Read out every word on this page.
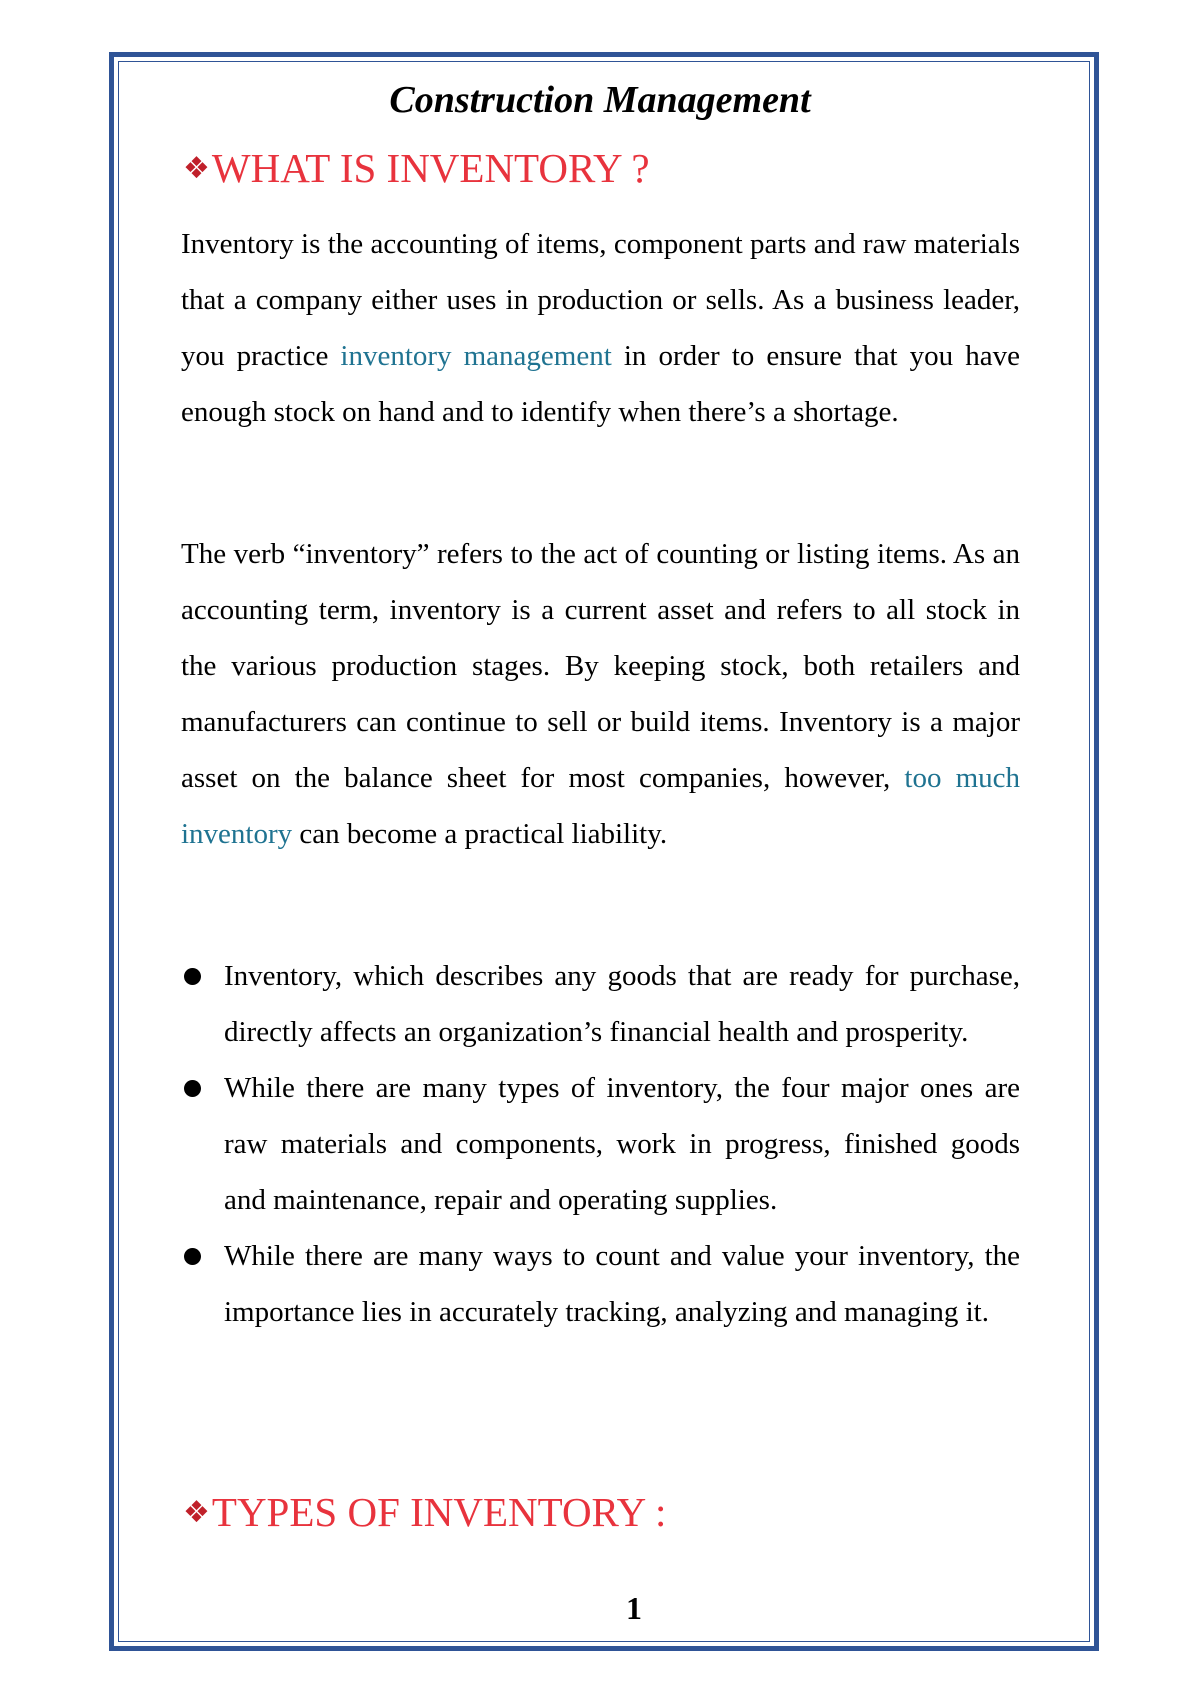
Construction Management
❖WHAT IS INVENTORY ?

Inventory is the accounting of items, component parts and raw materials that a company either uses in production or sells. As a business leader, you practice inventory management in order to ensure that you have enough stock on hand and to identify when there’s a shortage.

The verb “inventory” refers to the act of counting or listing items. As an accounting term, inventory is a current asset and refers to all stock in the various production stages. By keeping stock, both retailers and manufacturers can continue to sell or build items. Inventory is a major asset on the balance sheet for most companies, however, too much inventory can become a practical liability.

Inventory, which describes any goods that are ready for purchase, directly affects an organization’s financial health and prosperity.
While there are many types of inventory, the four major ones are raw materials and components, work in progress, finished goods and maintenance, repair and operating supplies.
While there are many ways to count and value your inventory, the importance lies in accurately tracking, analyzing and managing it.
❖TYPES OF INVENTORY :
1
